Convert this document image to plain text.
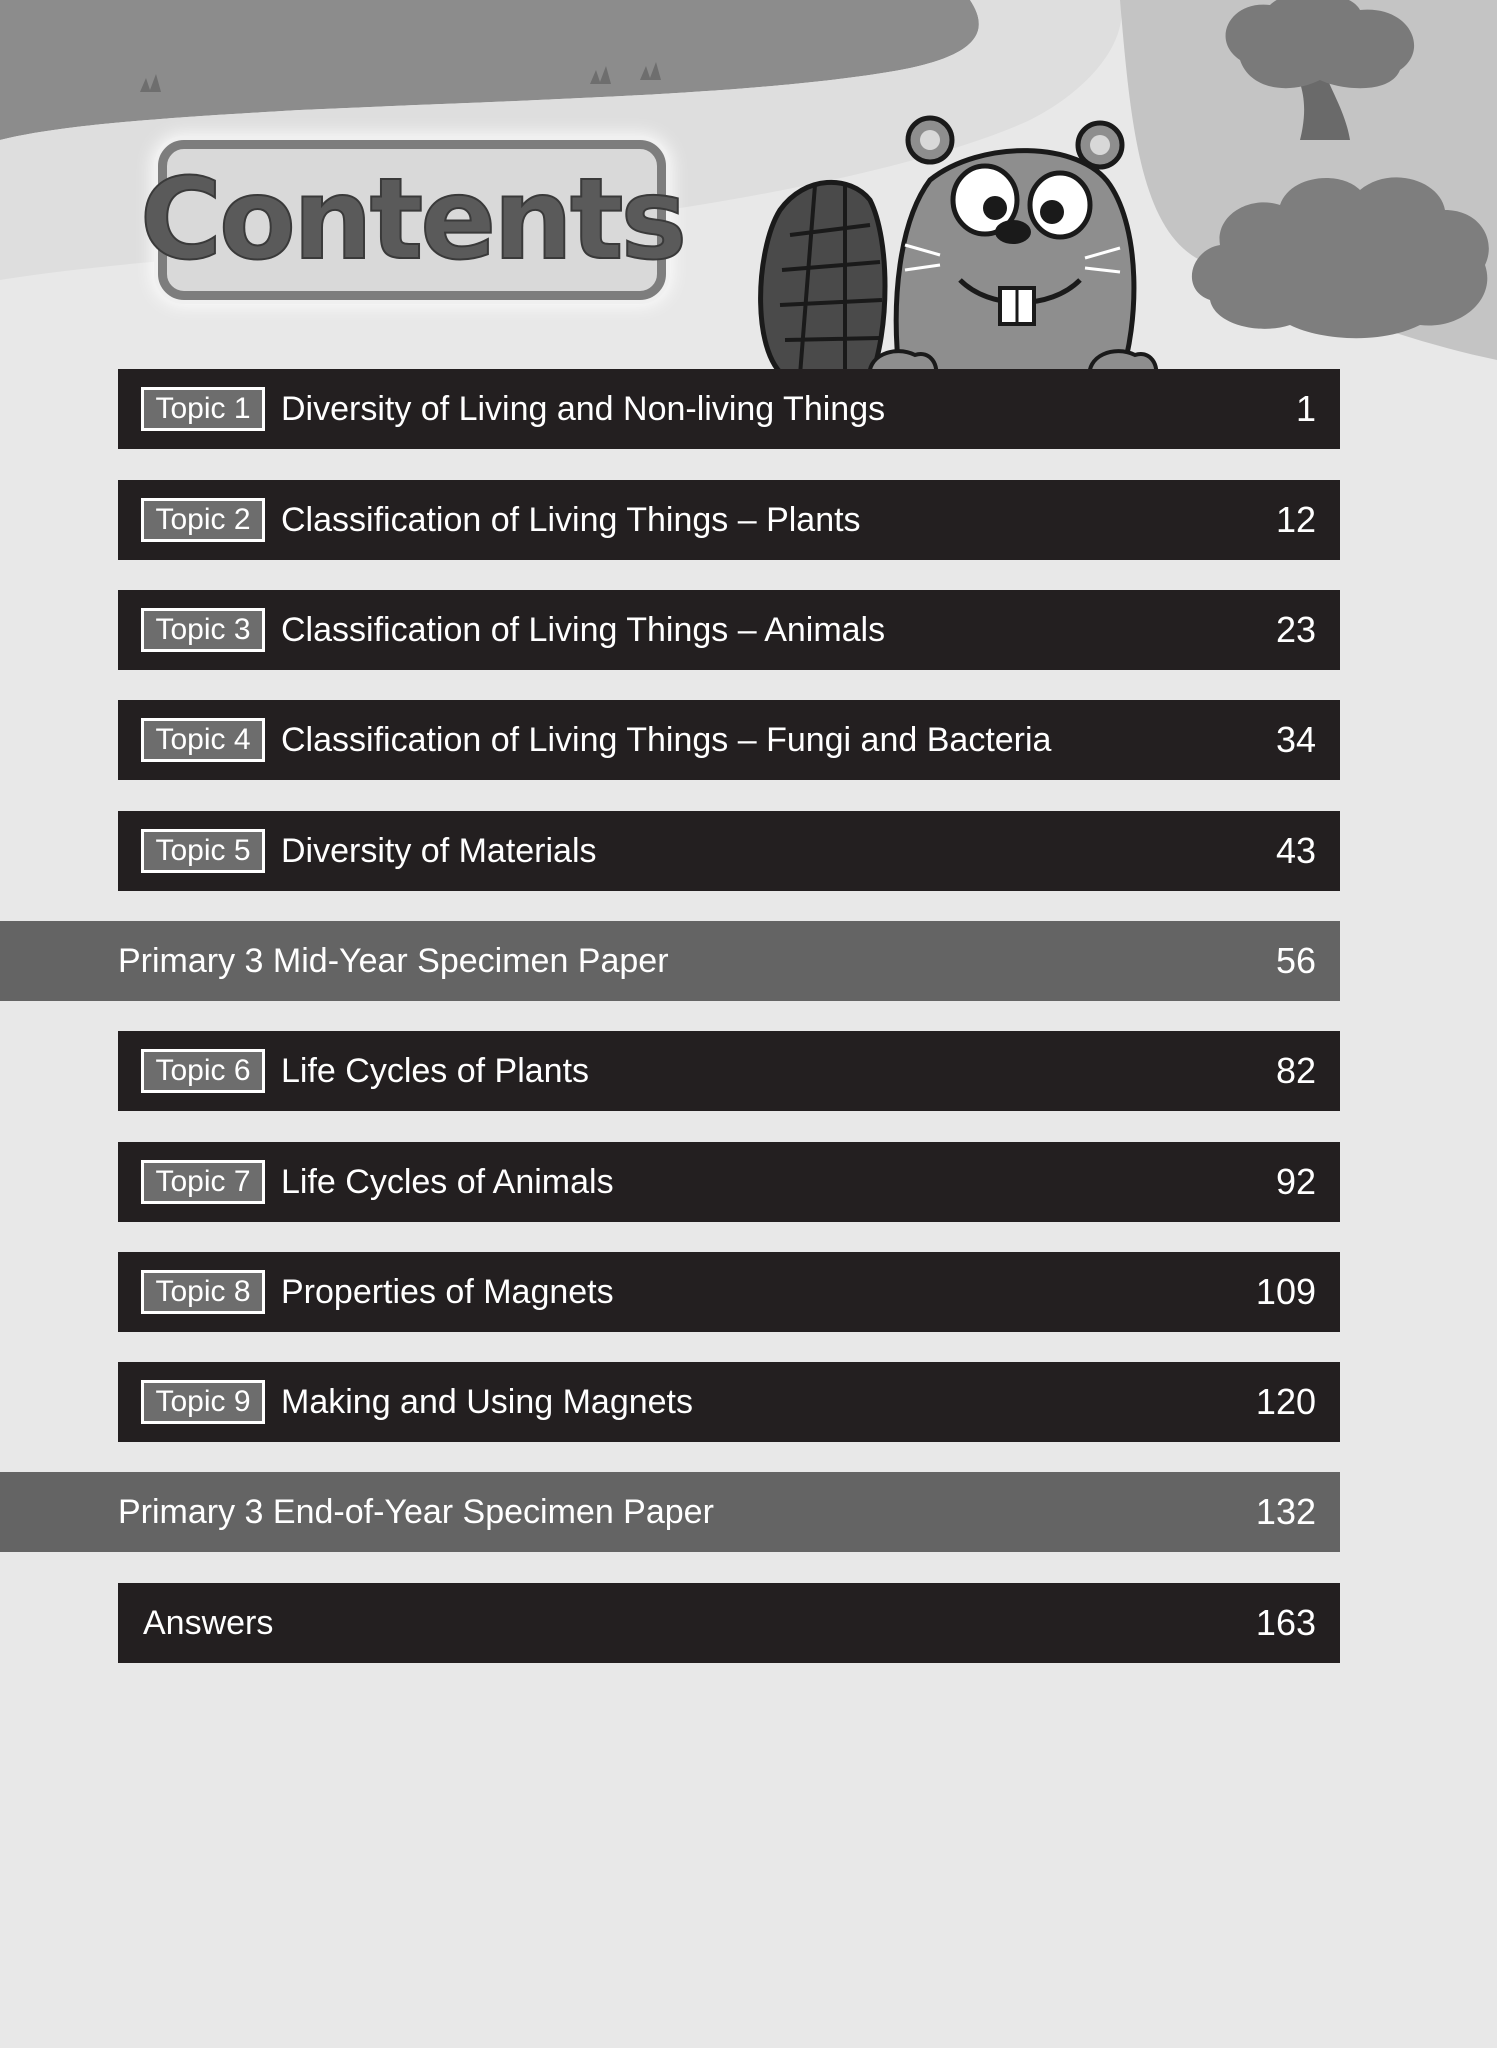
Contents
Topic 1 Diversity of Living and Non-living Things	1
Topic 2 Classification of Living Things – Plants	12
Topic 3 Classification of Living Things – Animals	23
Topic 4 Classification of Living Things – Fungi and Bacteria	34
Topic 5 Diversity of Materials	43
Primary 3 Mid-Year Specimen Paper	56
Topic 6 Life Cycles of Plants	82
Topic 7 Life Cycles of Animals	92
Topic 8 Properties of Magnets	109
Topic 9 Making and Using Magnets	120
Primary 3 End-of-Year Specimen Paper	132
Answers	163
